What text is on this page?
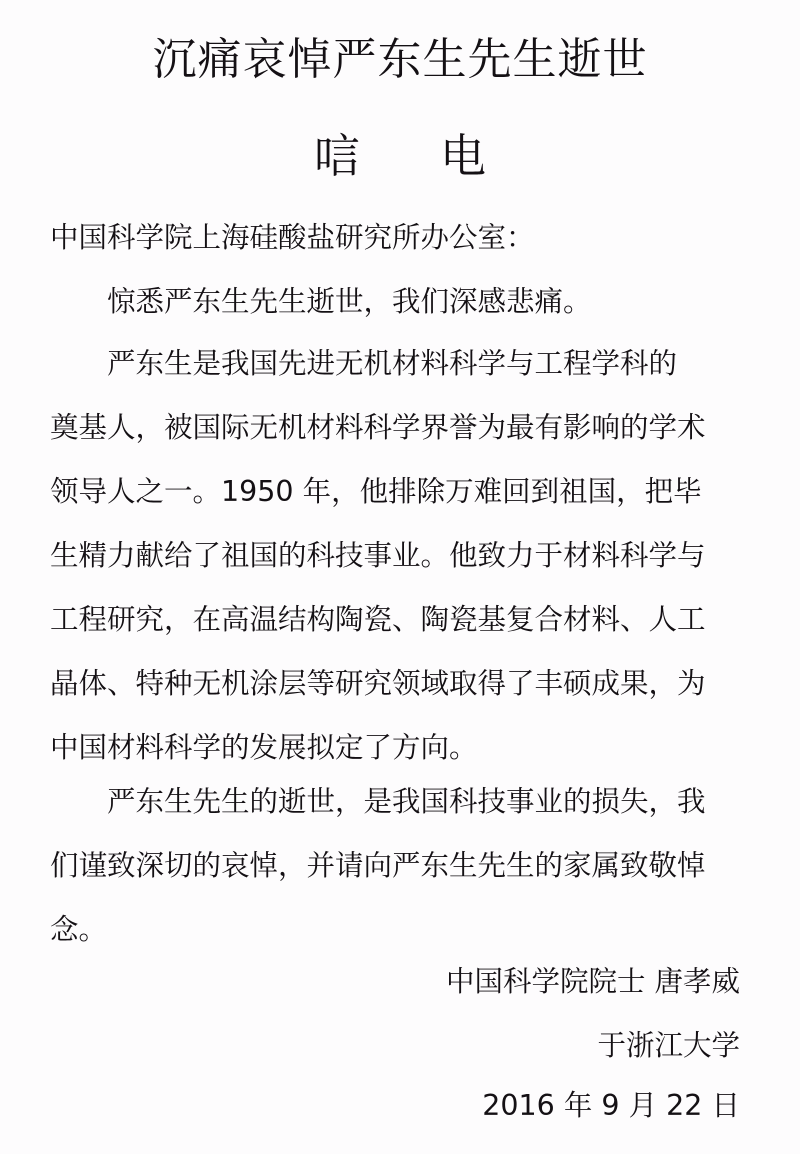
沉痛哀悼严东生先生逝世
唁电
中国科学院上海硅酸盐研究所办公室：
惊悉严东生先生逝世，我们深感悲痛。
严东生是我国先进无机材料科学与工程学科的
奠基人，被国际无机材料科学界誉为最有影响的学术
领导人之一。1950 年，他排除万难回到祖国，把毕
生精力献给了祖国的科技事业。他致力于材料科学与
工程研究，在高温结构陶瓷、陶瓷基复合材料、人工
晶体、特种无机涂层等研究领域取得了丰硕成果，为
中国材料科学的发展拟定了方向。
严东生先生的逝世，是我国科技事业的损失，我
们谨致深切的哀悼，并请向严东生先生的家属致敬悼
念。
中国科学院院士 唐孝威
于浙江大学
2016 年 9 月 22 日
